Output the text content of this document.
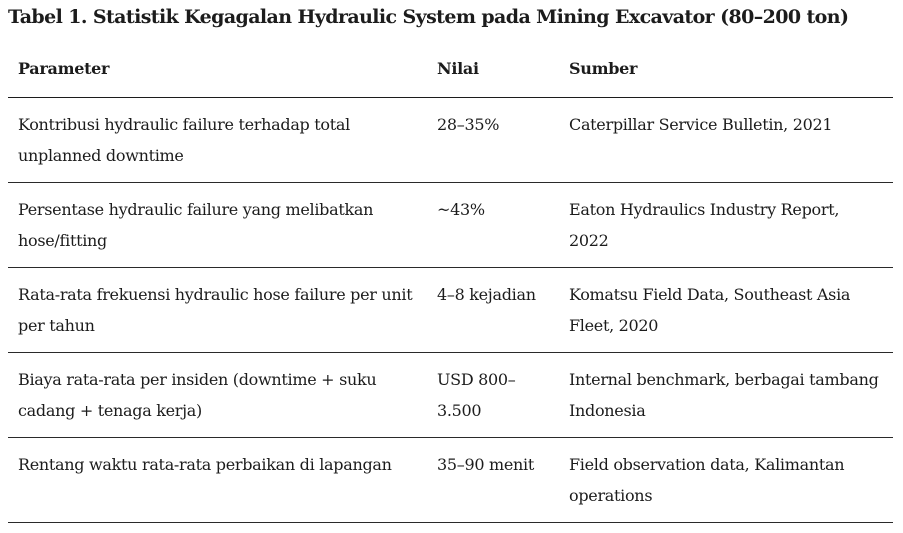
Tabel 1. Statistik Kegagalan Hydraulic System pada Mining Excavator (80–200 ton)
Parameter	Nilai	Sumber
Kontribusi hydraulic failure terhadap total unplanned downtime	28–35%	Caterpillar Service Bulletin, 2021
Persentase hydraulic failure yang melibatkan hose/fitting	~43%	Eaton Hydraulics Industry Report, 2022
Rata-rata frekuensi hydraulic hose failure per unit per tahun	4–8 kejadian	Komatsu Field Data, Southeast Asia Fleet, 2020
Biaya rata-rata per insiden (downtime + suku cadang + tenaga kerja)	USD 800–3.500	Internal benchmark, berbagai tambang Indonesia
Rentang waktu rata-rata perbaikan di lapangan	35–90 menit	Field observation data, Kalimantan operations
